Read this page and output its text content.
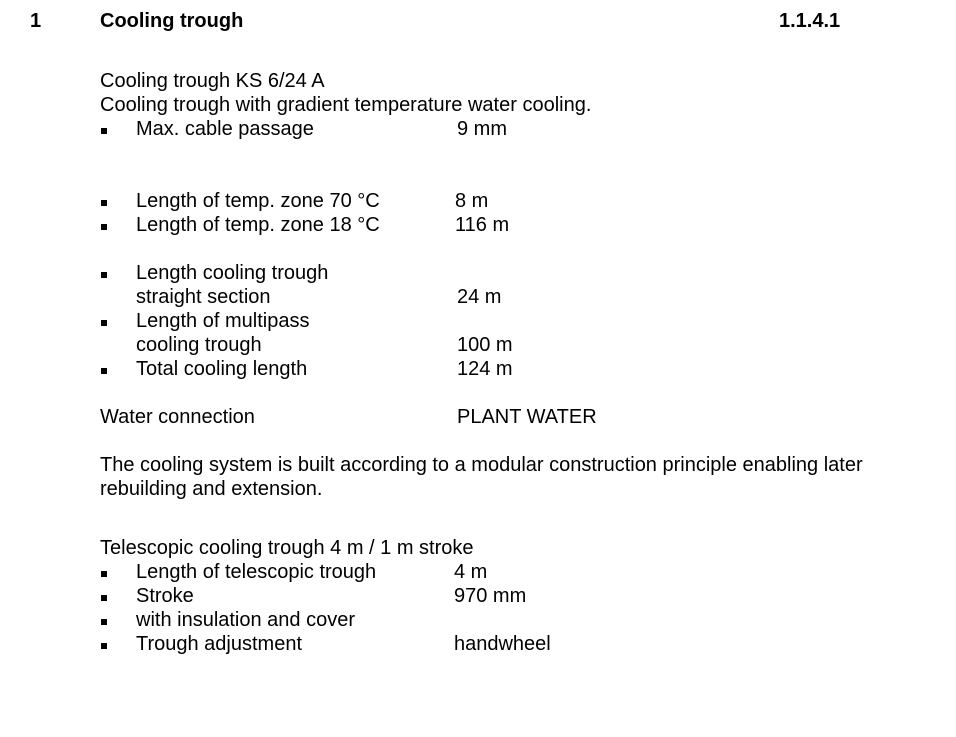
1	Cooling trough	1.1.4.1
Cooling trough KS 6/24 A
Cooling trough with gradient temperature water cooling.
Max. cable passage	9 mm
Length of temp. zone 70 °C	8 m
Length of temp. zone 18 °C	116 m
Length cooling trough
straight section	24 m
Length of multipass
cooling trough	100 m
Total cooling length	124 m
Water connection	PLANT WATER
The cooling system is built according to a modular construction principle enabling later
rebuilding and extension.
Telescopic cooling trough 4 m / 1 m stroke
Length of telescopic trough	4 m
Stroke	970 mm
with insulation and cover
Trough adjustment	handwheel
